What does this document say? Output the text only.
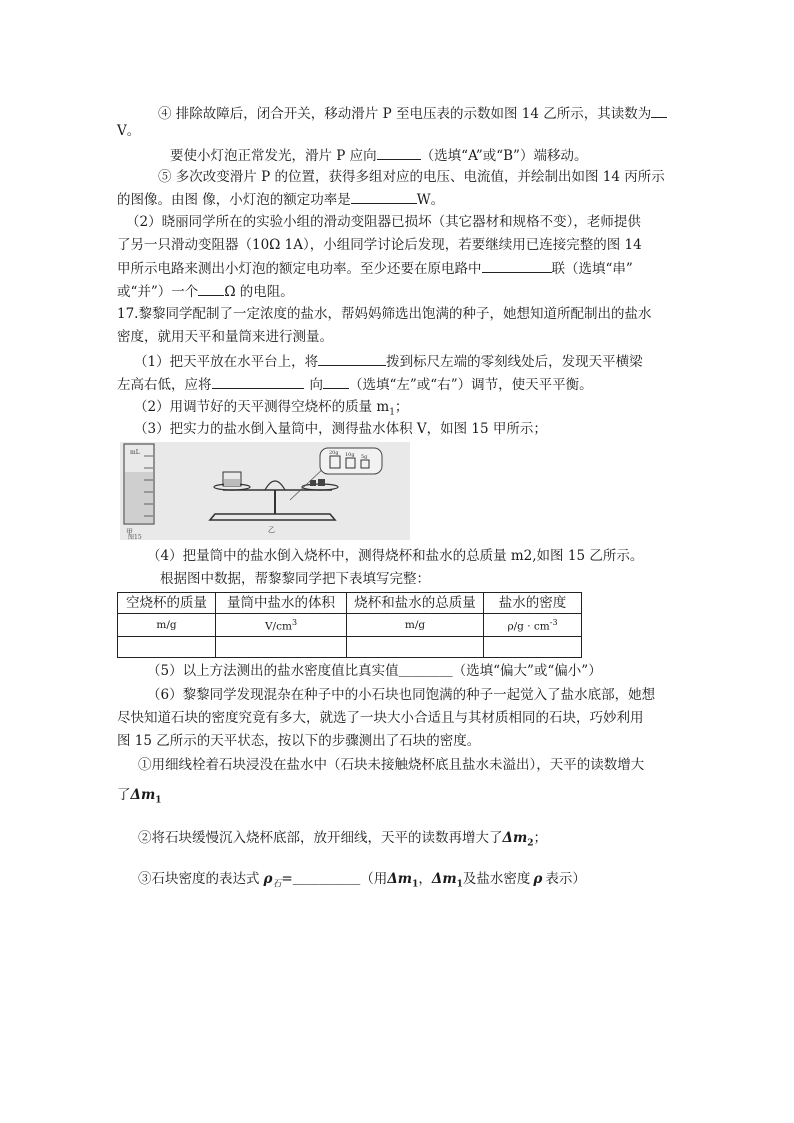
④ 排除故障后，闭合开关，移动滑片 P 至电压表的示数如图 14 乙所示，其读数为
V。
要使小灯泡正常发光，滑片 P 应向	（选填“A”或“B”）端移动。
⑤ 多次改变滑片 P 的位置，获得多组对应的电压、电流值，并绘制出如图 14 丙所示
的图像。由图 像，小灯泡的额定功率是	W。
（2）晓丽同学所在的实验小组的滑动变阻器已损坏（其它器材和规格不变），老师提供
了另一只滑动变阻器（10Ω 1A），小组同学讨论后发现，若要继续用已连接完整的图 14
甲所示电路来测出小灯泡的额定电功率。至少还要在原电路中	联（选填“串”
或“并”）一个 Ω 的电阻。
17.黎黎同学配制了一定浓度的盐水，帮妈妈筛选出饱满的种子，她想知道所配制出的盐水
密度，就用天平和量筒来进行测量。
（1）把天平放在水平台上，将	拨到标尺左端的零刻线处后，发现天平横梁
左高右低，应将	向 （选填“左”或“右”）调节，使天平平衡。
（2）用调节好的天平测得空烧杯的质量 $m_1$；
（3）把实力的盐水倒入量筒中，测得盐水体积 V，如图 15 甲所示；
mL
甲
20g 10g 5g
乙
图15
（4）把量筒中的盐水倒入烧杯中，测得烧杯和盐水的总质量 m2,如图 15 乙所示。
根据图中数据，帮黎黎同学把下表填写完整：
空烧杯的质量	量筒中盐水的体积	烧杯和盐水的总质量	盐水的密度
m/g	$V/cm^3$	m/g	$\rho/g \cdot cm^{-3}$

（5）以上方法测出的盐水密度值比真实值＿＿＿＿（选填“偏大”或“偏小”）
（6）黎黎同学发现混杂在种子中的小石块也同饱满的种子一起觉入了盐水底部，她想
尽快知道石块的密度究竟有多大，就选了一块大小合适且与其材质相同的石块，巧妙利用
图 15 乙所示的天平状态，按以下的步骤测出了石块的密度。
①用细线栓着石块浸没在盐水中（石块未接触烧杯底且盐水未溢出），天平的读数增大
了$\Delta m_1$
②将石块缓慢沉入烧杯底部，放开细线，天平的读数再增大了$\Delta m_2$；
③石块密度的表达式 $\rho_石=\_\_\_\_\_$（用$\Delta m_1$，$\Delta m_1$及盐水密度 ρ 表示）
